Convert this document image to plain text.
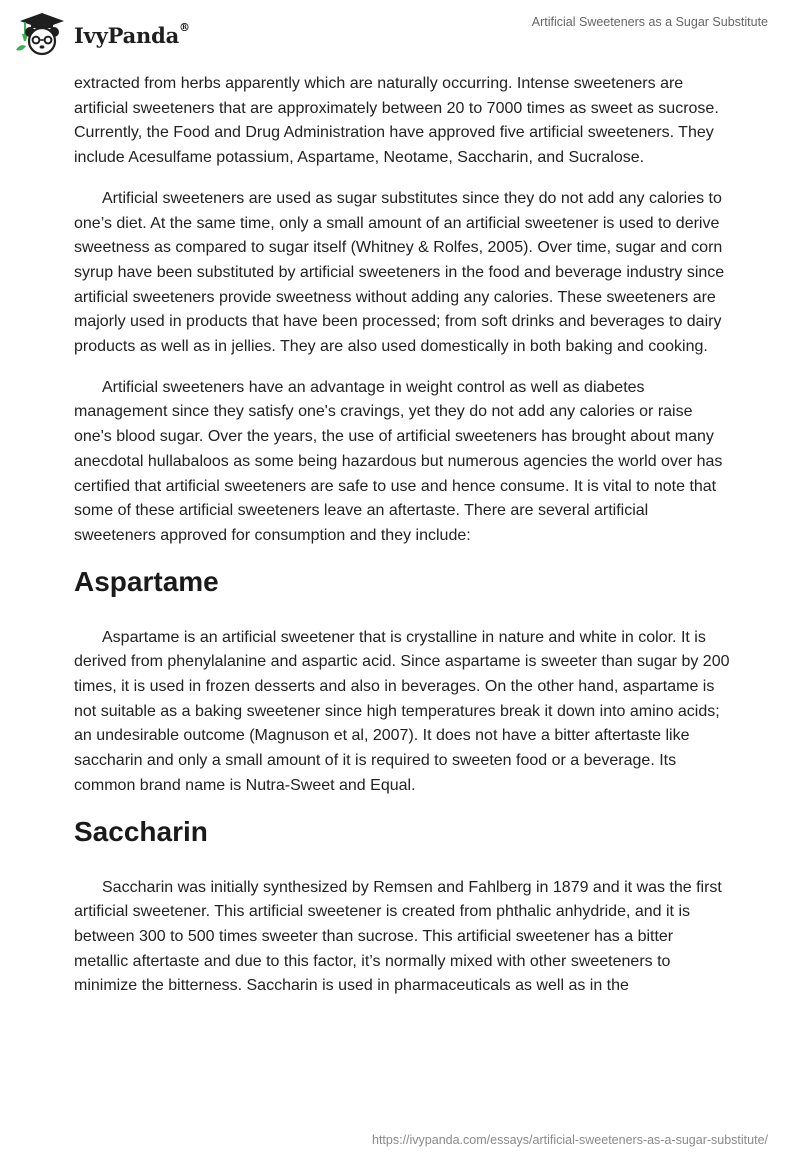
IvyPanda®	Artificial Sweeteners as a Sugar Substitute

extracted from herbs apparently which are naturally occurring. Intense sweeteners are artificial sweeteners that are approximately between 20 to 7000 times as sweet as sucrose. Currently, the Food and Drug Administration have approved five artificial sweeteners. They include Acesulfame potassium, Aspartame, Neotame, Saccharin, and Sucralose.

Artificial sweeteners are used as sugar substitutes since they do not add any calories to one’s diet. At the same time, only a small amount of an artificial sweetener is used to derive sweetness as compared to sugar itself (Whitney & Rolfes, 2005). Over time, sugar and corn syrup have been substituted by artificial sweeteners in the food and beverage industry since artificial sweeteners provide sweetness without adding any calories. These sweeteners are majorly used in products that have been processed; from soft drinks and beverages to dairy products as well as in jellies. They are also used domestically in both baking and cooking.

Artificial sweeteners have an advantage in weight control as well as diabetes management since they satisfy one's cravings, yet they do not add any calories or raise one's blood sugar. Over the years, the use of artificial sweeteners has brought about many anecdotal hullabaloos as some being hazardous but numerous agencies the world over has certified that artificial sweeteners are safe to use and hence consume. It is vital to note that some of these artificial sweeteners leave an aftertaste. There are several artificial sweeteners approved for consumption and they include:

Aspartame

Aspartame is an artificial sweetener that is crystalline in nature and white in color. It is derived from phenylalanine and aspartic acid. Since aspartame is sweeter than sugar by 200 times, it is used in frozen desserts and also in beverages. On the other hand, aspartame is not suitable as a baking sweetener since high temperatures break it down into amino acids; an undesirable outcome (Magnuson et al, 2007). It does not have a bitter aftertaste like saccharin and only a small amount of it is required to sweeten food or a beverage. Its common brand name is Nutra-Sweet and Equal.

Saccharin

Saccharin was initially synthesized by Remsen and Fahlberg in 1879 and it was the first artificial sweetener. This artificial sweetener is created from phthalic anhydride, and it is between 300 to 500 times sweeter than sucrose. This artificial sweetener has a bitter metallic aftertaste and due to this factor, it’s normally mixed with other sweeteners to minimize the bitterness. Saccharin is used in pharmaceuticals as well as in the

https://ivypanda.com/essays/artificial-sweeteners-as-a-sugar-substitute/
